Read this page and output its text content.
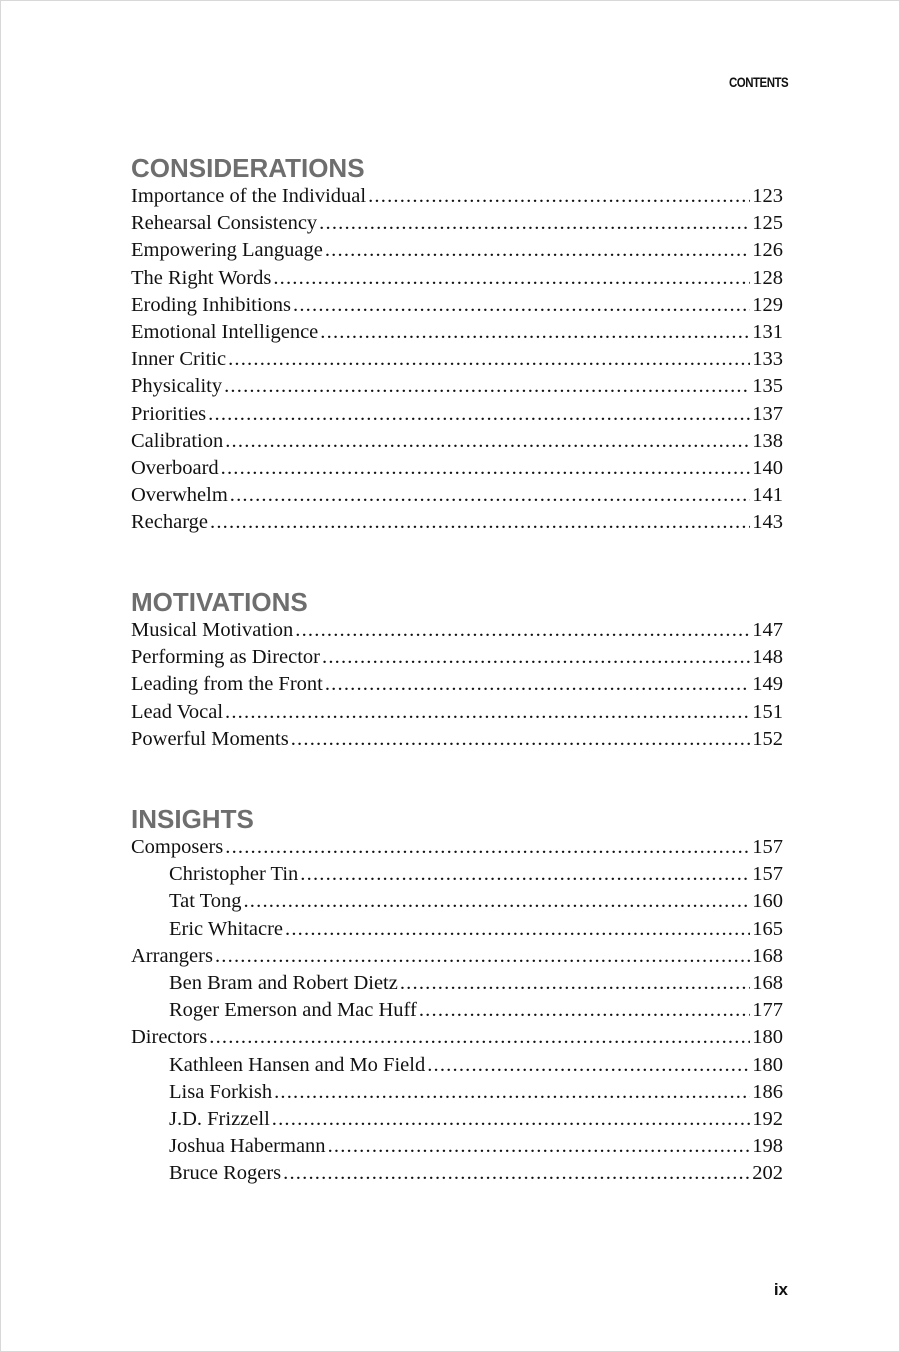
CONTENTS
CONSIDERATIONS
Importance of the Individual .....	123
Rehearsal Consistency .....	125
Empowering Language .....	126
The Right Words .....	128
Eroding Inhibitions .....	129
Emotional Intelligence .....	131
Inner Critic .....	133
Physicality .....	135
Priorities .....	137
Calibration .....	138
Overboard .....	140
Overwhelm .....	141
Recharge .....	143
MOTIVATIONS
Musical Motivation .....	147
Performing as Director .....	148
Leading from the Front .....	149
Lead Vocal .....	151
Powerful Moments .....	152
INSIGHTS
Composers .....	157
Christopher Tin .....	157
Tat Tong .....	160
Eric Whitacre .....	165
Arrangers .....	168
Ben Bram and Robert Dietz .....	168
Roger Emerson and Mac Huff .....	177
Directors .....	180
Kathleen Hansen and Mo Field .....	180
Lisa Forkish .....	186
J.D. Frizzell .....	192
Joshua Habermann .....	198
Bruce Rogers .....	202
ix
